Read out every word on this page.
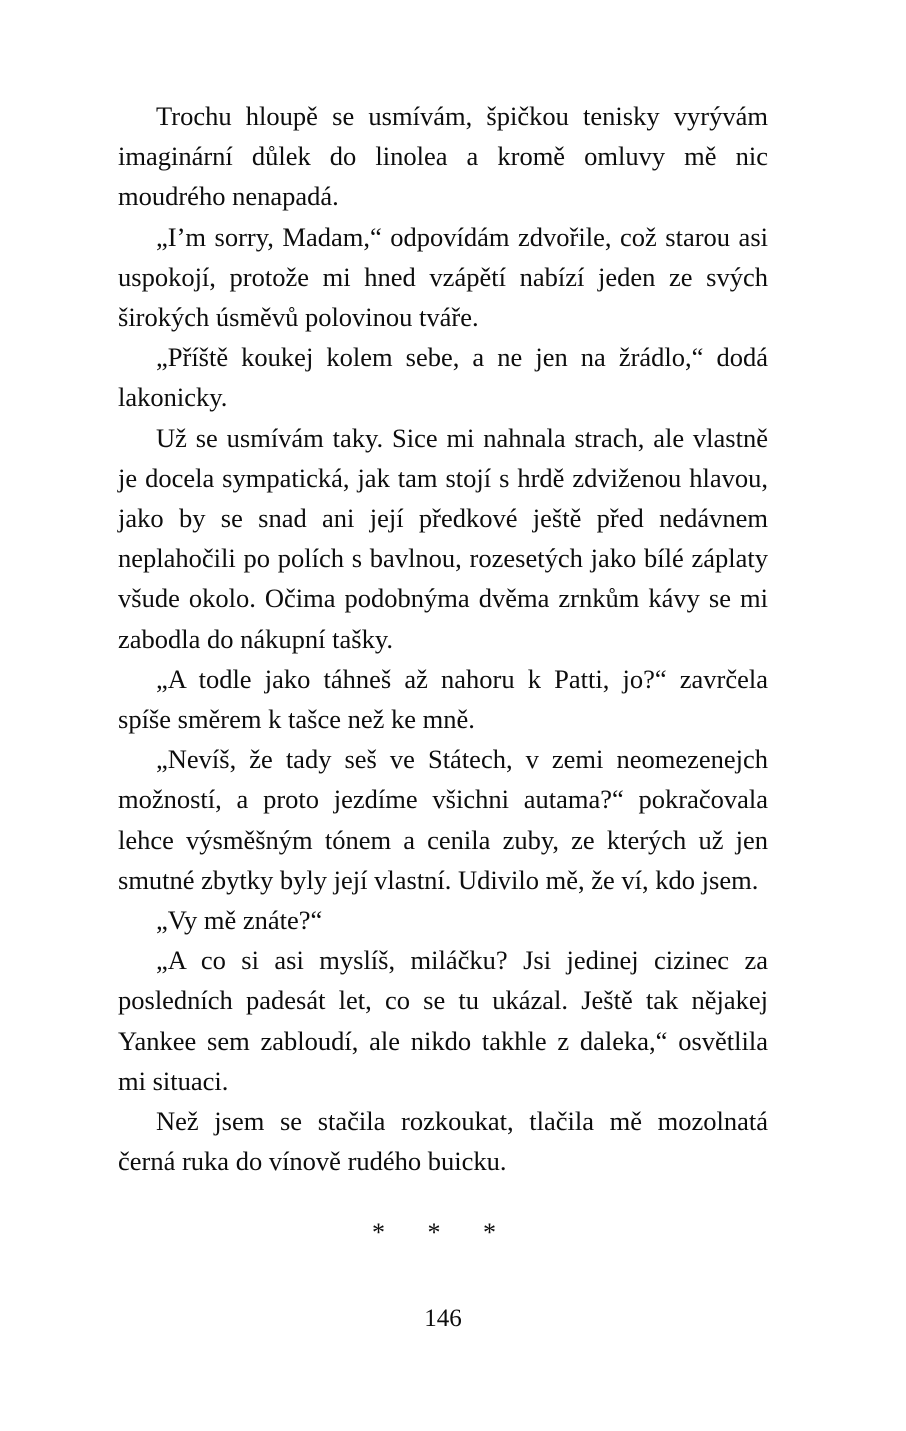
Trochu hloupě se usmívám, špičkou tenisky vyrývám imaginární důlek do linolea a kromě omluvy mě nic moudrého nenapadá.

„I’m sorry, Madam,“ odpovídám zdvořile, což starou asi uspokojí, protože mi hned vzápětí nabízí jeden ze svých širokých úsměvů polovinou tváře.

„Příště koukej kolem sebe, a ne jen na žrádlo,“ dodá lakonicky.

Už se usmívám taky. Sice mi nahnala strach, ale vlastně je docela sympatická, jak tam stojí s hrdě zdviženou hlavou, jako by se snad ani její předkové ještě před nedávnem neplahočili po polích s bavlnou, rozesetých jako bílé záplaty všude okolo. Očima podobnýma dvěma zrnkům kávy se mi zabodla do nákupní tašky.

„A todle jako táhneš až nahoru k Patti, jo?“ zavrčela spíše směrem k tašce než ke mně.

„Nevíš, že tady seš ve Státech, v zemi neomezenejch možností, a proto jezdíme všichni autama?“ pokračovala lehce výsměšným tónem a cenila zuby, ze kterých už jen smutné zbytky byly její vlastní. Udivilo mě, že ví, kdo jsem.

„Vy mě znáte?“

„A co si asi myslíš, miláčku? Jsi jedinej cizinec za posledních padesát let, co se tu ukázal. Ještě tak nějakej Yankee sem zabloudí, ale nikdo takhle z daleka,“ osvětlila mi situaci.

Než jsem se stačila rozkoukat, tlačila mě mozolnatá černá ruka do vínově rudého buicku.

* * *
146
